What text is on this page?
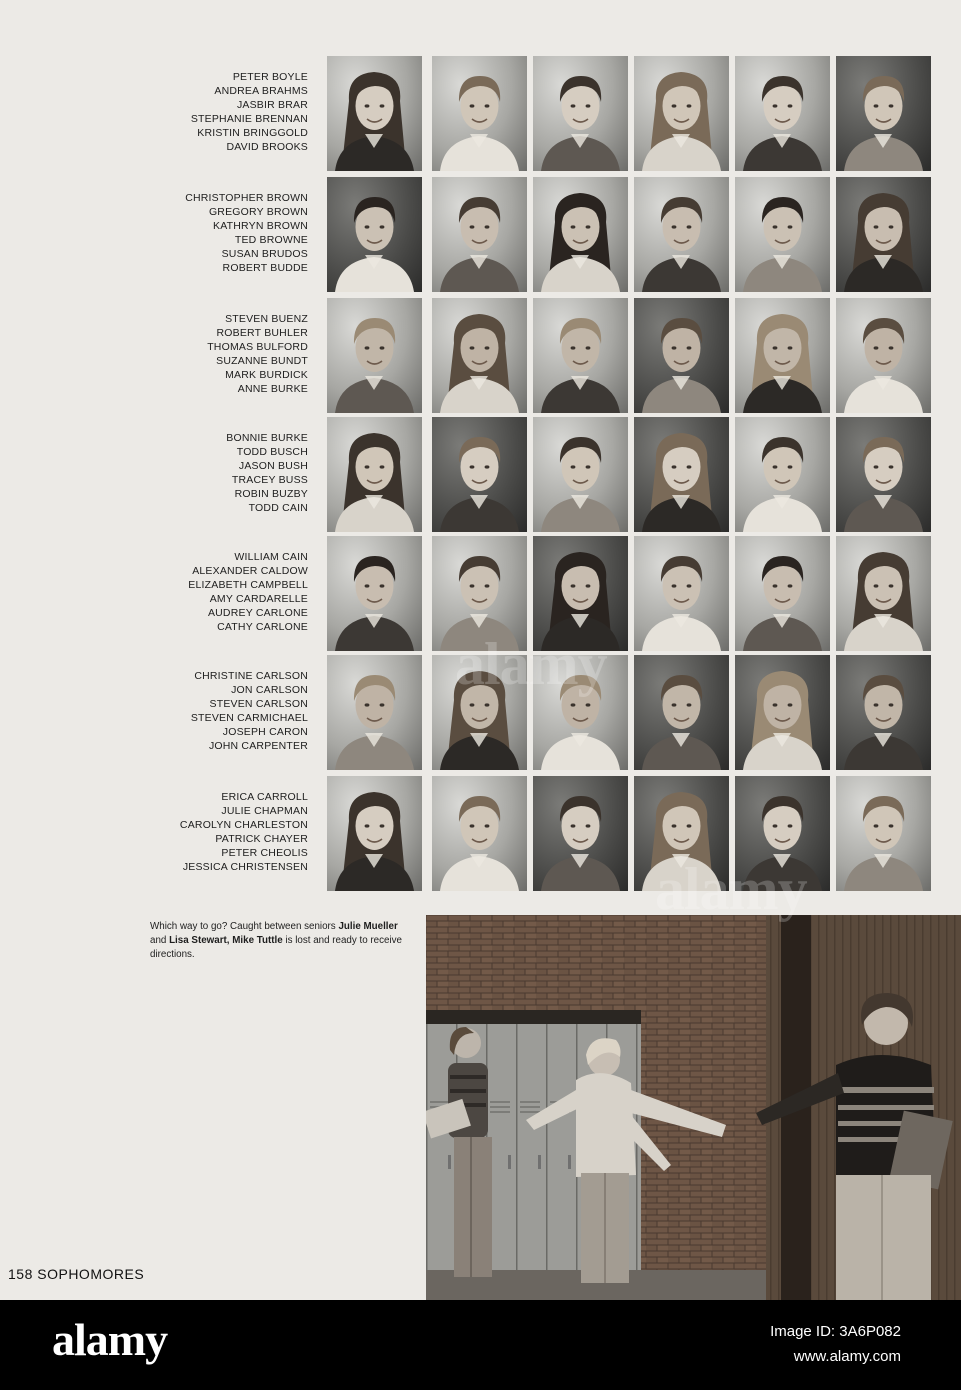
PETER BOYLE
ANDREA BRAHMS
JASBIR BRAR
STEPHANIE BRENNAN
KRISTIN BRINGGOLD
DAVID BROOKS
CHRISTOPHER BROWN
GREGORY BROWN
KATHRYN BROWN
TED BROWNE
SUSAN BRUDOS
ROBERT BUDDE
STEVEN BUENZ
ROBERT BUHLER
THOMAS BULFORD
SUZANNE BUNDT
MARK BURDICK
ANNE BURKE
BONNIE BURKE
TODD BUSCH
JASON BUSH
TRACEY BUSS
ROBIN BUZBY
TODD CAIN
WILLIAM CAIN
ALEXANDER CALDOW
ELIZABETH CAMPBELL
AMY CARDARELLE
AUDREY CARLONE
CATHY CARLONE
CHRISTINE CARLSON
JON CARLSON
STEVEN CARLSON
STEVEN CARMICHAEL
JOSEPH CARON
JOHN CARPENTER
ERICA CARROLL
JULIE CHAPMAN
CAROLYN CHARLESTON
PATRICK CHAYER
PETER CHEOLIS
JESSICA CHRISTENSEN
Which way to go? Caught between seniors Julie Mueller and Lisa Stewart, Mike Tuttle is lost and ready to receive directions.
158 SOPHOMORES
alamy
alamy
alamy	Image ID: 3A6P082
www.alamy.com
